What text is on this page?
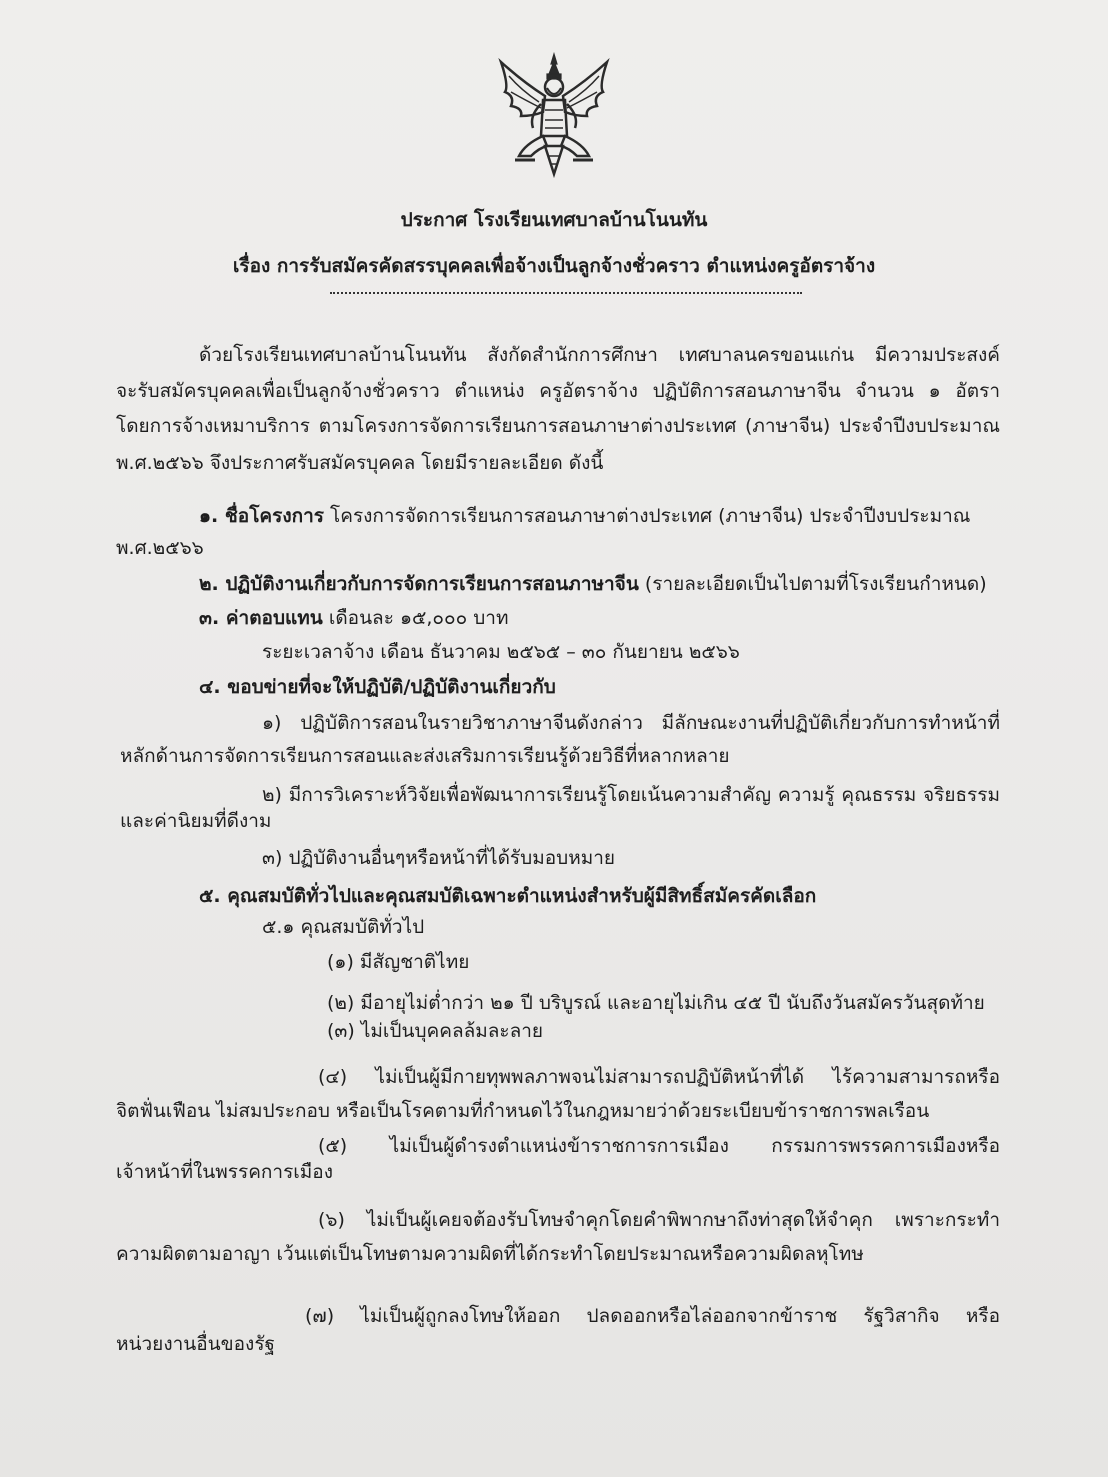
ประกาศ โรงเรียนเทศบาลบ้านโนนทัน
เรื่อง การรับสมัครคัดสรรบุคคลเพื่อจ้างเป็นลูกจ้างชั่วคราว ตำแหน่งครูอัตราจ้าง
ด้วยโรงเรียนเทศบาลบ้านโนนทัน สังกัดสำนักการศึกษา เทศบาลนครขอนแก่น มีความประสงค์
จะรับสมัครบุคคลเพื่อเป็นลูกจ้างชั่วคราว ตำแหน่ง ครูอัตราจ้าง ปฏิบัติการสอนภาษาจีน จำนวน ๑ อัตรา
โดยการจ้างเหมาบริการ ตามโครงการจัดการเรียนการสอนภาษาต่างประเทศ (ภาษาจีน) ประจำปีงบประมาณ
พ.ศ.๒๕๖๖ จึงประกาศรับสมัครบุคคล โดยมีรายละเอียด ดังนี้
๑. ชื่อโครงการ โครงการจัดการเรียนการสอนภาษาต่างประเทศ (ภาษาจีน) ประจำปีงบประมาณ
พ.ศ.๒๕๖๖
๒. ปฏิบัติงานเกี่ยวกับการจัดการเรียนการสอนภาษาจีน (รายละเอียดเป็นไปตามที่โรงเรียนกำหนด)
๓. ค่าตอบแทน เดือนละ ๑๕,๐๐๐ บาท
ระยะเวลาจ้าง เดือน ธันวาคม ๒๕๖๕ – ๓๐ กันยายน ๒๕๖๖
๔. ขอบข่ายที่จะให้ปฏิบัติ/ปฏิบัติงานเกี่ยวกับ
๑) ปฏิบัติการสอนในรายวิชาภาษาจีนดังกล่าว มีลักษณะงานที่ปฏิบัติเกี่ยวกับการทำหน้าที่
หลักด้านการจัดการเรียนการสอนและส่งเสริมการเรียนรู้ด้วยวิธีที่หลากหลาย
๒) มีการวิเคราะห์วิจัยเพื่อพัฒนาการเรียนรู้โดยเน้นความสำคัญ ความรู้ คุณธรรม จริยธรรม
และค่านิยมที่ดีงาม
๓) ปฏิบัติงานอื่นๆหรือหน้าที่ได้รับมอบหมาย
๕. คุณสมบัติทั่วไปและคุณสมบัติเฉพาะตำแหน่งสำหรับผู้มีสิทธิ์สมัครคัดเลือก
๕.๑ คุณสมบัติทั่วไป
(๑) มีสัญชาติไทย
(๒) มีอายุไม่ต่ำกว่า ๒๑ ปี บริบูรณ์ และอายุไม่เกิน ๔๕ ปี นับถึงวันสมัครวันสุดท้าย
(๓) ไม่เป็นบุคคลล้มละลาย
(๔) ไม่เป็นผู้มีกายทุพพลภาพจนไม่สามารถปฏิบัติหน้าที่ได้ ไร้ความสามารถหรือ
จิตฟั่นเฟือน ไม่สมประกอบ หรือเป็นโรคตามที่กำหนดไว้ในกฎหมายว่าด้วยระเบียบข้าราชการพลเรือน
(๕) ไม่เป็นผู้ดำรงตำแหน่งข้าราชการการเมือง กรรมการพรรคการเมืองหรือ
เจ้าหน้าที่ในพรรคการเมือง
(๖) ไม่เป็นผู้เคยจต้องรับโทษจำคุกโดยคำพิพากษาถึงท่าสุดให้จำคุก เพราะกระทำ
ความผิดตามอาญา เว้นแต่เป็นโทษตามความผิดที่ได้กระทำโดยประมาณหรือความผิดลหุโทษ
(๗) ไม่เป็นผู้ถูกลงโทษให้ออก ปลดออกหรือไล่ออกจากข้าราช รัฐวิสากิจ หรือ
หน่วยงานอื่นของรัฐ
